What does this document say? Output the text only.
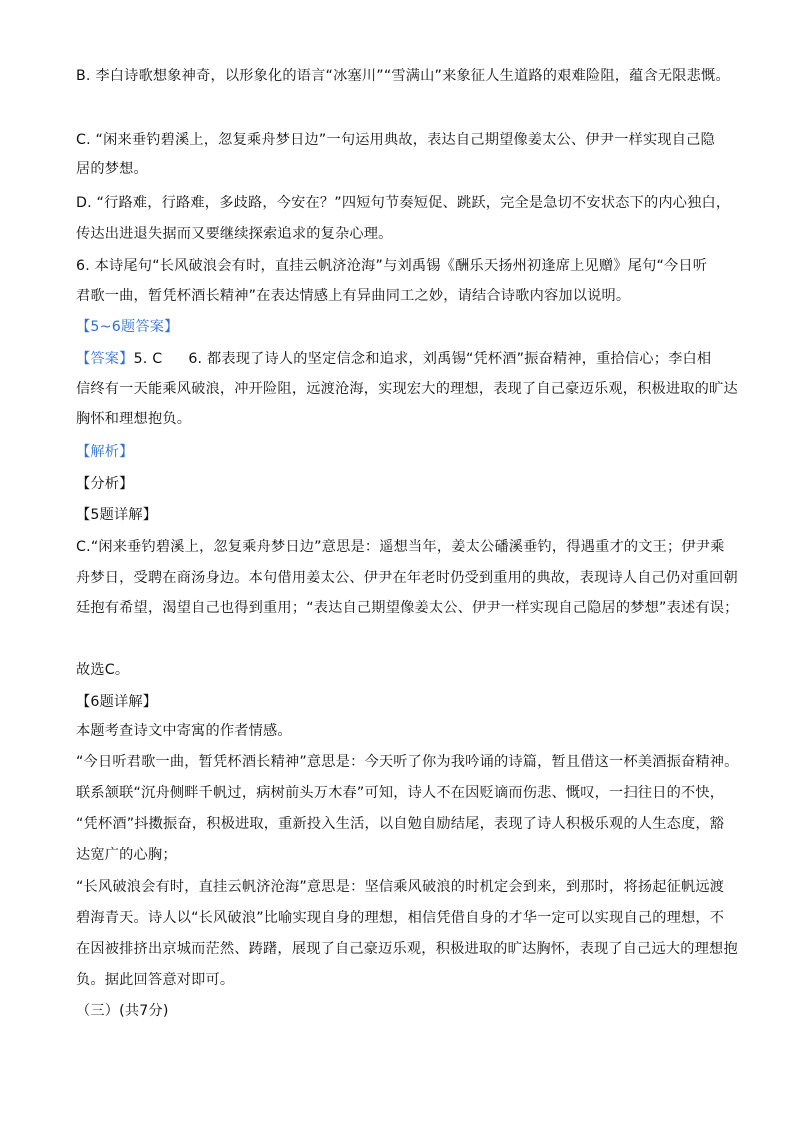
B. 李白诗歌想象神奇，以形象化的语言“冰塞川”“雪满山”来象征人生道路的艰难险阻，蕴含无限悲慨。
C. “闲来垂钓碧溪上，忽复乘舟梦日边”一句运用典故，表达自己期望像姜太公、伊尹一样实现自己隐
居的梦想。
D. “行路难，行路难，多歧路，今安在？”四短句节奏短促、跳跃，完全是急切不安状态下的内心独白，
传达出进退失据而又要继续探索追求的复杂心理。
6. 本诗尾句“长风破浪会有时，直挂云帆济沧海”与刘禹锡《酬乐天扬州初逢席上见赠》尾句“今日听
君歌一曲，暂凭杯酒长精神”在表达情感上有异曲同工之妙，请结合诗歌内容加以说明。
【5~6题答案】
【答案】5. C 6. 都表现了诗人的坚定信念和追求，刘禹锡“凭杯酒”振奋精神，重拾信心；李白相
信终有一天能乘风破浪，冲开险阻，远渡沧海，实现宏大的理想，表现了自己豪迈乐观，积极进取的旷达
胸怀和理想抱负。
【解析】
【分析】
【5题详解】
C.“闲来垂钓碧溪上，忽复乘舟梦日边”意思是：遥想当年，姜太公磻溪垂钓，得遇重才的文王；伊尹乘
舟梦日，受聘在商汤身边。本句借用姜太公、伊尹在年老时仍受到重用的典故，表现诗人自己仍对重回朝
廷抱有希望，渴望自己也得到重用；“表达自己期望像姜太公、伊尹一样实现自己隐居的梦想”表述有误；
故选C。
【6题详解】
本题考查诗文中寄寓的作者情感。
“今日听君歌一曲，暂凭杯酒长精神”意思是：今天听了你为我吟诵的诗篇，暂且借这一杯美酒振奋精神。
联系颔联“沉舟侧畔千帆过，病树前头万木春”可知，诗人不在因贬谪而伤悲、慨叹，一扫往日的不快，
“凭杯酒”抖擞振奋，积极进取，重新投入生活，以自勉自励结尾，表现了诗人积极乐观的人生态度，豁
达宽广的心胸；
“长风破浪会有时，直挂云帆济沧海”意思是：坚信乘风破浪的时机定会到来，到那时，将扬起征帆远渡
碧海青天。诗人以“长风破浪”比喻实现自身的理想，相信凭借自身的才华一定可以实现自己的理想，不
在因被排挤出京城而茫然、踌躇，展现了自己豪迈乐观，积极进取的旷达胸怀，表现了自己远大的理想抱
负。据此回答意对即可。
（三）(共7分)
